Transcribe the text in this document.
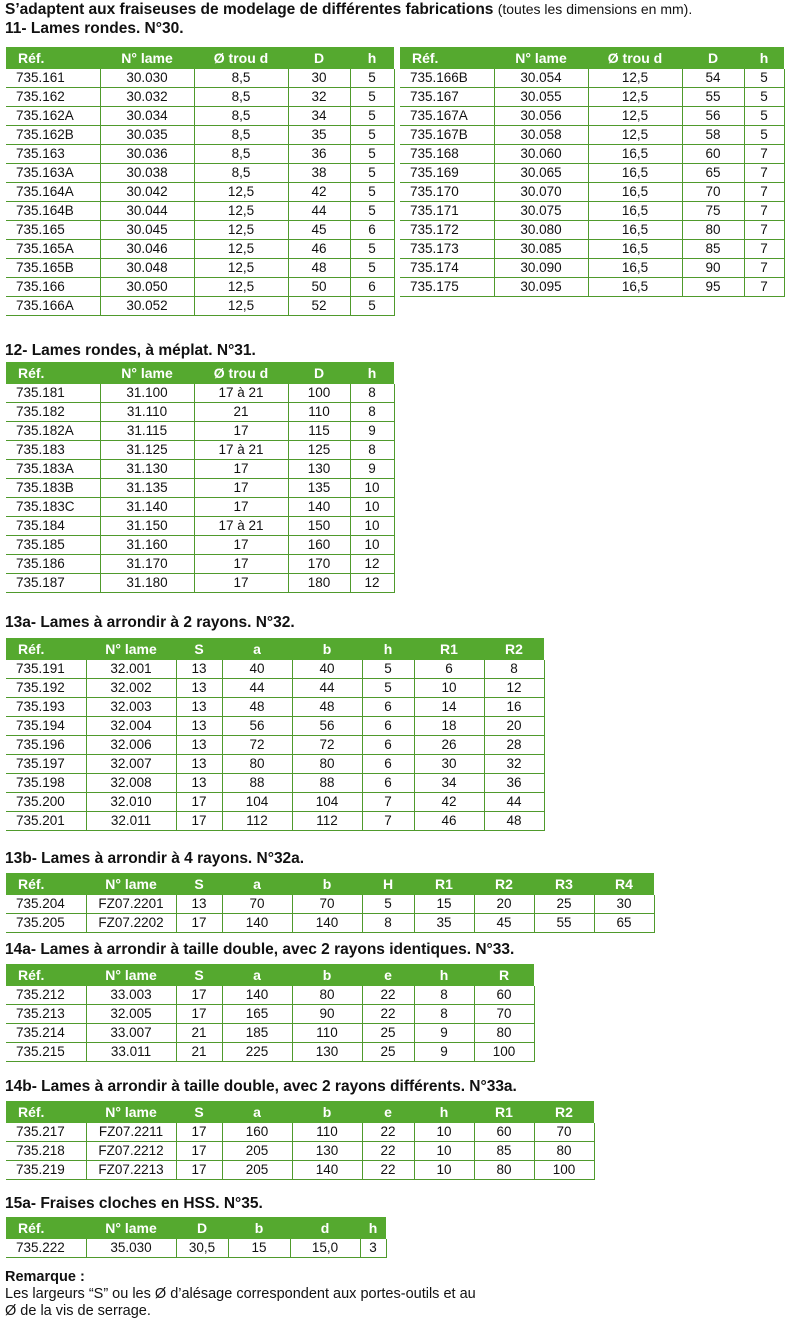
S’adaptent aux fraiseuses de modelage de différentes fabrications (toutes les dimensions en mm).
11- Lames rondes. N°30.
Réf.	N° lame	Ø trou d	D	h
735.161	30.030	8,5	30	5
735.162	30.032	8,5	32	5
735.162A	30.034	8,5	34	5
735.162B	30.035	8,5	35	5
735.163	30.036	8,5	36	5
735.163A	30.038	8,5	38	5
735.164A	30.042	12,5	42	5
735.164B	30.044	12,5	44	5
735.165	30.045	12,5	45	6
735.165A	30.046	12,5	46	5
735.165B	30.048	12,5	48	5
735.166	30.050	12,5	50	6
735.166A	30.052	12,5	52	5
Réf.	N° lame	Ø trou d	D	h
735.166B	30.054	12,5	54	5
735.167	30.055	12,5	55	5
735.167A	30.056	12,5	56	5
735.167B	30.058	12,5	58	5
735.168	30.060	16,5	60	7
735.169	30.065	16,5	65	7
735.170	30.070	16,5	70	7
735.171	30.075	16,5	75	7
735.172	30.080	16,5	80	7
735.173	30.085	16,5	85	7
735.174	30.090	16,5	90	7
735.175	30.095	16,5	95	7
12- Lames rondes, à méplat. N°31.
Réf.	N° lame	Ø trou d	D	h
735.181	31.100	17 à 21	100	8
735.182	31.110	21	110	8
735.182A	31.115	17	115	9
735.183	31.125	17 à 21	125	8
735.183A	31.130	17	130	9
735.183B	31.135	17	135	10
735.183C	31.140	17	140	10
735.184	31.150	17 à 21	150	10
735.185	31.160	17	160	10
735.186	31.170	17	170	12
735.187	31.180	17	180	12
13a- Lames à arrondir à 2 rayons. N°32.
Réf.	N° lame	S	a	b	h	R1	R2
735.191	32.001	13	40	40	5	6	8
735.192	32.002	13	44	44	5	10	12
735.193	32.003	13	48	48	6	14	16
735.194	32.004	13	56	56	6	18	20
735.196	32.006	13	72	72	6	26	28
735.197	32.007	13	80	80	6	30	32
735.198	32.008	13	88	88	6	34	36
735.200	32.010	17	104	104	7	42	44
735.201	32.011	17	112	112	7	46	48
13b- Lames à arrondir à 4 rayons. N°32a.
Réf.	N° lame	S	a	b	H	R1	R2	R3	R4
735.204	FZ07.2201	13	70	70	5	15	20	25	30
735.205	FZ07.2202	17	140	140	8	35	45	55	65
14a- Lames à arrondir à taille double, avec 2 rayons identiques. N°33.
Réf.	N° lame	S	a	b	e	h	R
735.212	33.003	17	140	80	22	8	60
735.213	32.005	17	165	90	22	8	70
735.214	33.007	21	185	110	25	9	80
735.215	33.011	21	225	130	25	9	100
14b- Lames à arrondir à taille double, avec 2 rayons différents. N°33a.
Réf.	N° lame	S	a	b	e	h	R1	R2
735.217	FZ07.2211	17	160	110	22	10	60	70
735.218	FZ07.2212	17	205	130	22	10	85	80
735.219	FZ07.2213	17	205	140	22	10	80	100
15a- Fraises cloches en HSS. N°35.
Réf.	N° lame	D	b	d	h
735.222	35.030	30,5	15	15,0	3
Remarque :
Les largeurs “S” ou les Ø d’alésage correspondent aux portes-outils et au
Ø de la vis de serrage.
